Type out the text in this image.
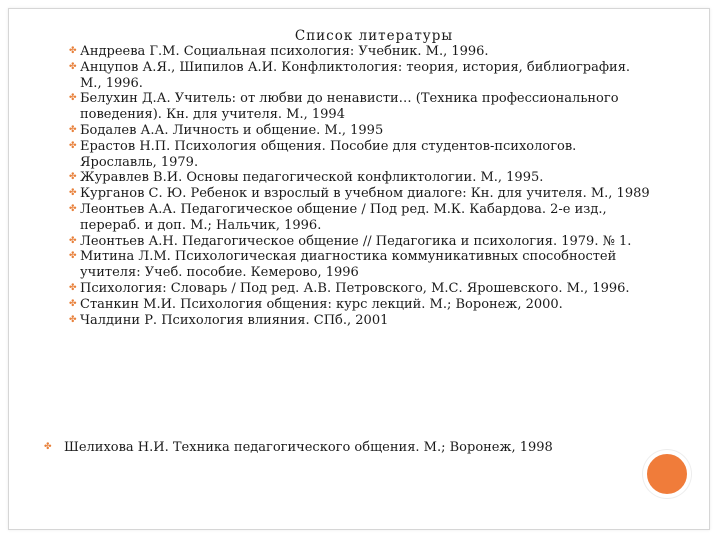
Список литературы
✤ Андреева Г.М. Социальная психология: Учебник. М., 1996.
✤ Анцупов А.Я., Шипилов А.И. Конфликтология: теория, история, библиография. М., 1996.
✤ Белухин Д.А. Учитель: от любви до ненависти… (Техника профессионального поведения). Кн. для учителя. М., 1994
✤ Бодалев А.А. Личность и общение. М., 1995
✤ Ерастов Н.П. Психология общения. Пособие для студентов-психологов. Ярославль, 1979.
✤ Журавлев В.И. Основы педагогической конфликтологии. М., 1995.
✤ Курганов С. Ю. Ребенок и взрослый в учебном диалоге: Кн. для учителя. М., 1989
✤ Леонтьев А.А. Педагогическое общение / Под ред. М.К. Кабардова. 2-е изд., перераб. и доп. М.; Нальчик, 1996.
✤ Леонтьев А.Н. Педагогическое общение // Педагогика и психология. 1979. № 1.
✤ Митина Л.М. Психологическая диагностика коммуникативных способностей учителя: Учеб. пособие. Кемерово, 1996
✤ Психология: Словарь / Под ред. А.В. Петровского, М.С. Ярошевского. М., 1996.
✤ Станкин М.И. Психология общения: курс лекций. М.; Воронеж, 2000.
✤ Чалдини Р. Психология влияния. СПб., 2001
✤ Шелихова Н.И. Техника педагогического общения. М.; Воронеж, 1998
